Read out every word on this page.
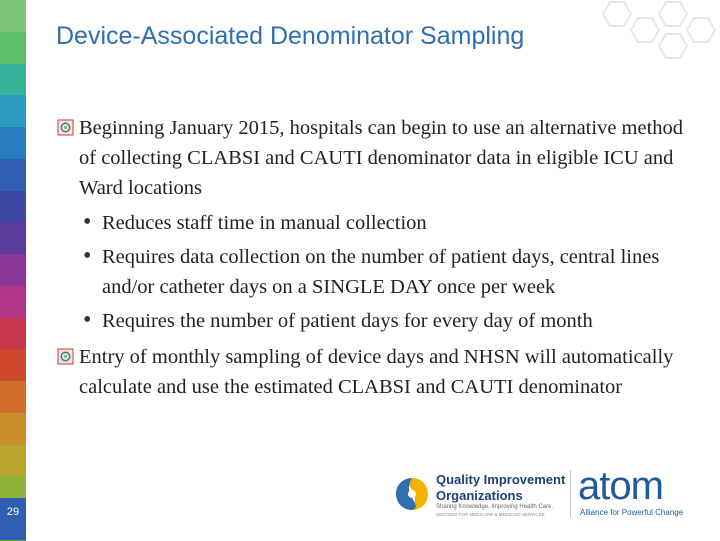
Device-Associated Denominator Sampling
Beginning January 2015, hospitals can begin to use an alternative method of collecting CLABSI and CAUTI denominator data in eligible ICU and Ward locations
• Reduces staff time in manual collection
• Requires data collection on the number of patient days, central lines and/or catheter days on a SINGLE DAY once per week
• Requires the number of patient days for every day of month
Entry of monthly sampling of device days and NHSN will automatically calculate and use the estimated CLABSI and CAUTI denominator
29
Quality Improvement
Organizations
Sharing Knowledge. Improving Health Care.
CENTERS FOR MEDICARE & MEDICAID SERVICES
atom
Alliance for Powerful Change
